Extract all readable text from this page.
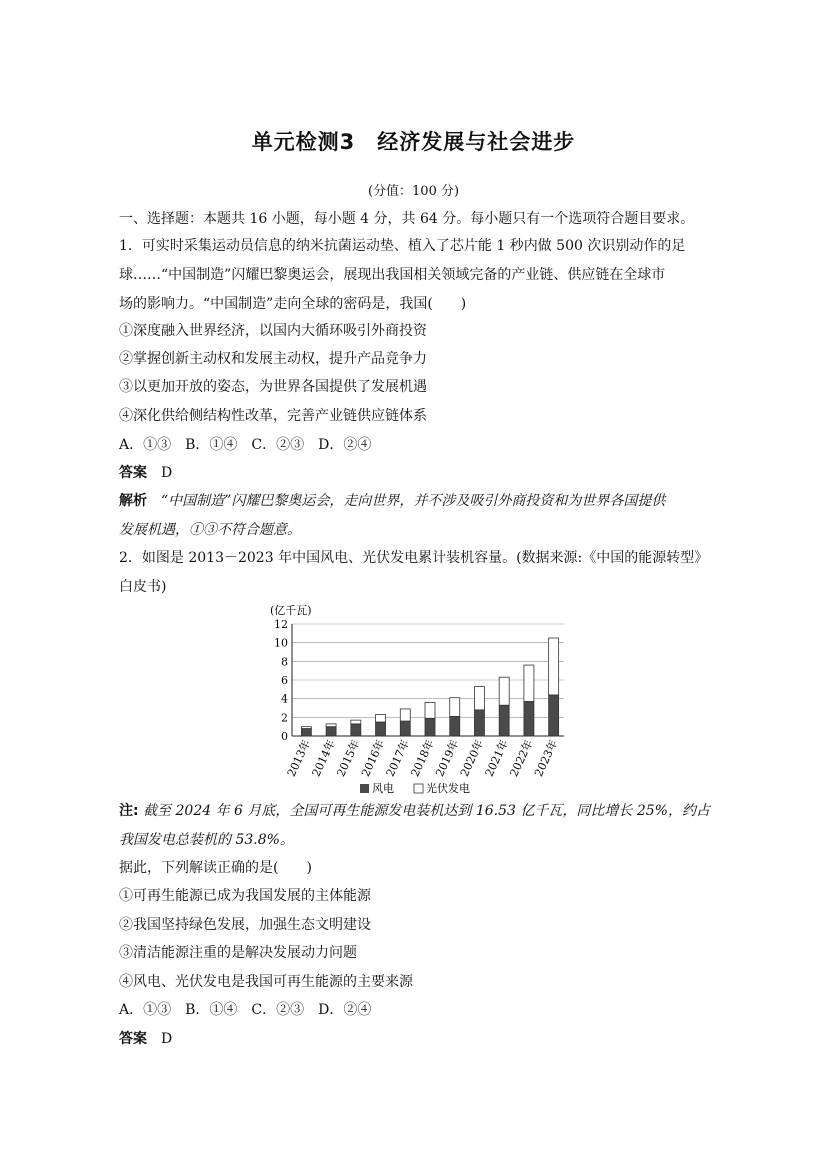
单元检测3　经济发展与社会进步
(分值：100 分)
一、选择题：本题共 16 小题，每小题 4 分，共 64 分。每小题只有一个选项符合题目要求。
1．可实时采集运动员信息的纳米抗菌运动垫、植入了芯片能 1 秒内做 500 次识别动作的足
球……“中国制造”闪耀巴黎奥运会，展现出我国相关领域完备的产业链、供应链在全球市
场的影响力。“中国制造”走向全球的密码是，我国(　　)
①深度融入世界经济，以国内大循环吸引外商投资
②掌握创新主动权和发展主动权，提升产品竞争力
③以更加开放的姿态，为世界各国提供了发展机遇
④深化供给侧结构性改革，完善产业链供应链体系
A．①③　B．①④　C．②③　D．②④
答案　 D
解析　 “中国制造”闪耀巴黎奥运会，走向世界，并不涉及吸引外商投资和为世界各国提供
发展机遇，①③不符合题意。
2．如图是 2013－2023 年中国风电、光伏发电累计装机容量。(数据来源:《中国的能源转型》
白皮书)
(亿千瓦)
0
2
4
6
8
10
12
2013年
2014年
2015年
2016年
2017年
2018年
2019年
2020年
2021年
2022年
2023年
风电	光伏发电
注: 截至 2024 年 6 月底，全国可再生能源发电装机达到 16.53 亿千瓦，同比增长 25%，约占
我国发电总装机的 53.8%。
据此，下列解读正确的是(　　)
①可再生能源已成为我国发展的主体能源
②我国坚持绿色发展，加强生态文明建设
③清洁能源注重的是解决发展动力问题
④风电、光伏发电是我国可再生能源的主要来源
A．①③　B．①④　C．②③　D．②④
答案　 D
